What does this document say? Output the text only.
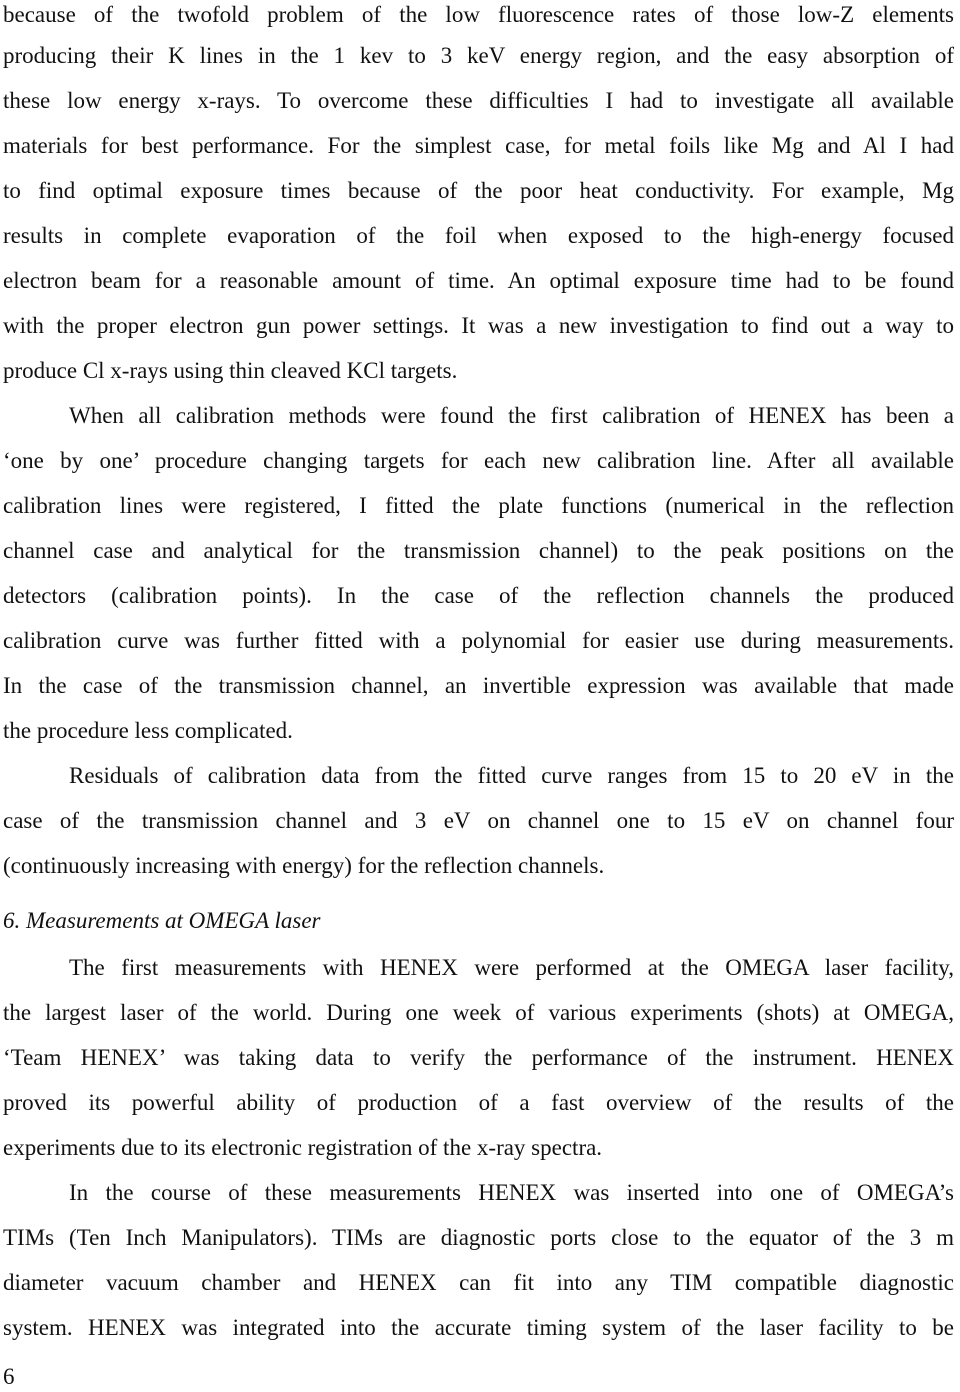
because of the twofold problem of the low fluorescence rates of those low-Z elements
producing their K lines in the 1 kev to 3 keV energy region, and the easy absorption of
these low energy x-rays. To overcome these difficulties I had to investigate all available
materials for best performance. For the simplest case, for metal foils like Mg and Al I had
to find optimal exposure times because of the poor heat conductivity. For example, Mg
results in complete evaporation of the foil when exposed to the high-energy focused
electron beam for a reasonable amount of time. An optimal exposure time had to be found
with the proper electron gun power settings. It was a new investigation to find out a way to
produce Cl x-rays using thin cleaved KCl targets.
When all calibration methods were found the first calibration of HENEX has been a
‘one by one’ procedure changing targets for each new calibration line. After all available
calibration lines were registered, I fitted the plate functions (numerical in the reflection
channel case and analytical for the transmission channel) to the peak positions on the
detectors (calibration points). In the case of the reflection channels the produced
calibration curve was further fitted with a polynomial for easier use during measurements.
In the case of the transmission channel, an invertible expression was available that made
the procedure less complicated.
Residuals of calibration data from the fitted curve ranges from 15 to 20 eV in the
case of the transmission channel and 3 eV on channel one to 15 eV on channel four
(continuously increasing with energy) for the reflection channels.
6. Measurements at OMEGA laser
The first measurements with HENEX were performed at the OMEGA laser facility,
the largest laser of the world. During one week of various experiments (shots) at OMEGA,
‘Team HENEX’ was taking data to verify the performance of the instrument. HENEX
proved its powerful ability of production of a fast overview of the results of the
experiments due to its electronic registration of the x-ray spectra.
In the course of these measurements HENEX was inserted into one of OMEGA’s
TIMs (Ten Inch Manipulators). TIMs are diagnostic ports close to the equator of the 3 m
diameter vacuum chamber and HENEX can fit into any TIM compatible diagnostic
system. HENEX was integrated into the accurate timing system of the laser facility to be
6
